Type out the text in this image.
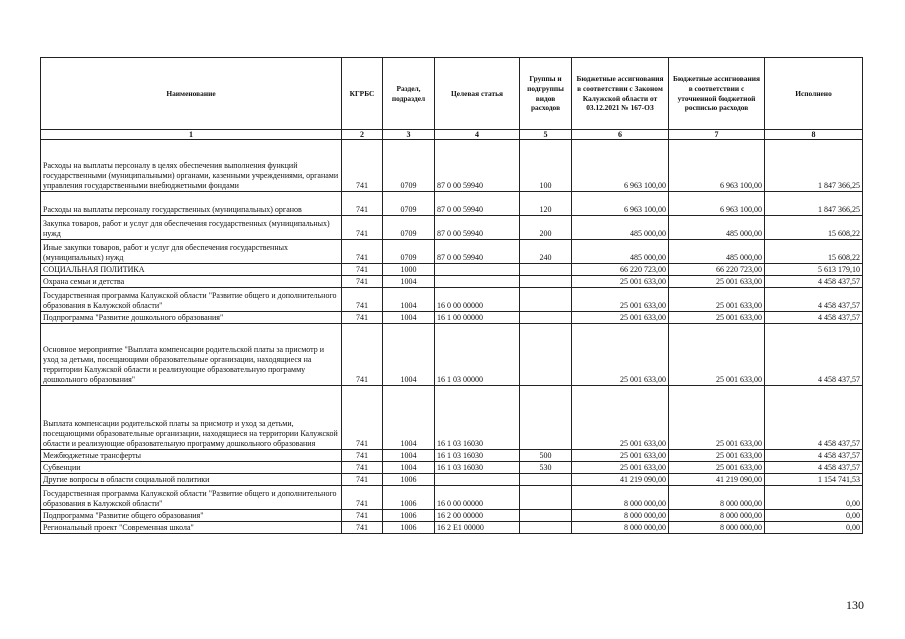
Наименование	КГРБС	Раздел, подраздел	Целевая статья	Группы и подгруппы видов расходов	Бюджетные ассигнования в соответствии с Законом Калужской области от 03.12.2021 № 167-ОЗ	Бюджетные ассигнования в соответствии с уточненной бюджетной росписью расходов	Исполнено
1	2	3	4	5	6	7	8
Расходы на выплаты персоналу в целях обеспечения выполнения функций государственными (муниципальными) органами, казенными учреждениями, органами управления государственными внебюджетными фондами	741	0709	87 0 00 59940	100	6 963 100,00	6 963 100,00	1 847 366,25
Расходы на выплаты персоналу государственных (муниципальных) органов	741	0709	87 0 00 59940	120	6 963 100,00	6 963 100,00	1 847 366,25
Закупка товаров, работ и услуг для обеспечения государственных (муниципальных) нужд	741	0709	87 0 00 59940	200	485 000,00	485 000,00	15 608,22
Иные закупки товаров, работ и услуг для обеспечения государственных (муниципальных) нужд	741	0709	87 0 00 59940	240	485 000,00	485 000,00	15 608,22
СОЦИАЛЬНАЯ ПОЛИТИКА	741	1000			66 220 723,00	66 220 723,00	5 613 179,10
Охрана семьи и детства	741	1004			25 001 633,00	25 001 633,00	4 458 437,57
Государственная программа Калужской области "Развитие общего и дополнительного образования в Калужской области"	741	1004	16 0 00 00000		25 001 633,00	25 001 633,00	4 458 437,57
Подпрограмма "Развитие дошкольного образования"	741	1004	16 1 00 00000		25 001 633,00	25 001 633,00	4 458 437,57
Основное мероприятие "Выплата компенсации родительской платы за присмотр и уход за детьми, посещающими образовательные организации, находящиеся на территории Калужской области и реализующие образовательную программу дошкольного образования"	741	1004	16 1 03 00000		25 001 633,00	25 001 633,00	4 458 437,57
Выплата компенсации родительской платы за присмотр и уход за детьми, посещающими образовательные организации, находящиеся на территории Калужской области и реализующие образовательную программу дошкольного образования	741	1004	16 1 03 16030		25 001 633,00	25 001 633,00	4 458 437,57
Межбюджетные трансферты	741	1004	16 1 03 16030	500	25 001 633,00	25 001 633,00	4 458 437,57
Субвенции	741	1004	16 1 03 16030	530	25 001 633,00	25 001 633,00	4 458 437,57
Другие вопросы в области социальной политики	741	1006			41 219 090,00	41 219 090,00	1 154 741,53
Государственная программа Калужской области "Развитие общего и дополнительного образования в Калужской области"	741	1006	16 0 00 00000		8 000 000,00	8 000 000,00	0,00
Подпрограмма "Развитие общего образования"	741	1006	16 2 00 00000		8 000 000,00	8 000 000,00	0,00
Региональный проект "Современная школа"	741	1006	16 2 E1 00000		8 000 000,00	8 000 000,00	0,00
130
